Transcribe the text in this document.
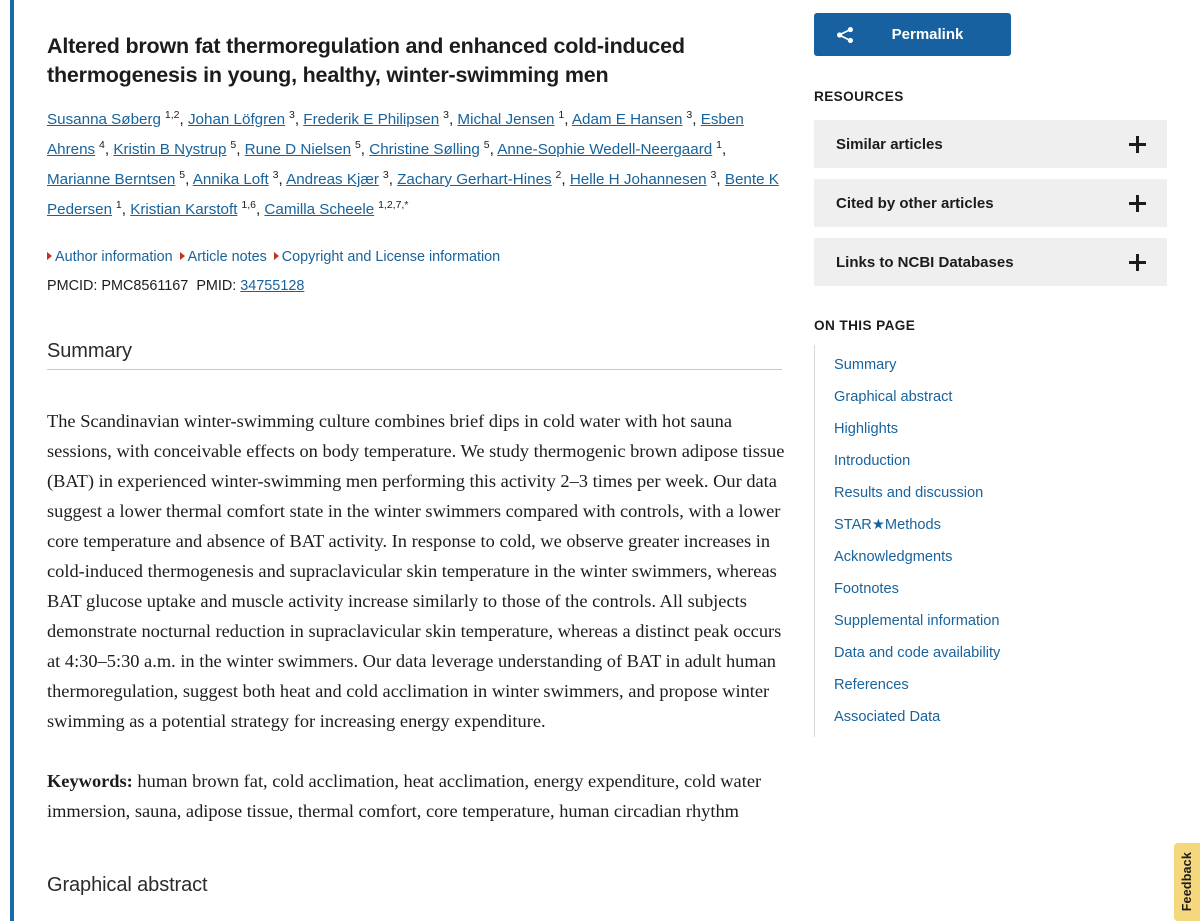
Altered brown fat thermoregulation and enhanced cold-induced thermogenesis in young, healthy, winter-swimming men
Susanna Søberg $^{1,2}$, Johan Löfgren $^3$, Frederik E Philipsen $^3$, Michal Jensen $^1$, Adam E Hansen $^3$, Esben Ahrens $^4$, Kristin B Nystrup $^5$, Rune D Nielsen $^5$, Christine Sølling $^5$, Anne-Sophie Wedell-Neergaard $^1$, Marianne Berntsen $^5$, Annika Loft $^3$, Andreas Kjær $^3$, Zachary Gerhart-Hines $^2$, Helle H Johannesen $^3$, Bente K Pedersen $^1$, Kristian Karstoft $^{1,6}$, Camilla Scheele $^{1,2,7,*}$
Author information Article notes Copyright and License information
PMCID: PMC8561167 PMID: 34755128
Summary

The Scandinavian winter-swimming culture combines brief dips in cold water with hot sauna sessions, with conceivable effects on body temperature. We study thermogenic brown adipose tissue (BAT) in experienced winter-swimming men performing this activity 2–3 times per week. Our data suggest a lower thermal comfort state in the winter swimmers compared with controls, with a lower core temperature and absence of BAT activity. In response to cold, we observe greater increases in cold-induced thermogenesis and supraclavicular skin temperature in the winter swimmers, whereas BAT glucose uptake and muscle activity increase similarly to those of the controls. All subjects demonstrate nocturnal reduction in supraclavicular skin temperature, whereas a distinct peak occurs at 4:30–5:30 a.m. in the winter swimmers. Our data leverage understanding of BAT in adult human thermoregulation, suggest both heat and cold acclimation in winter swimmers, and propose winter swimming as a potential strategy for increasing energy expenditure.

Keywords: human brown fat, cold acclimation, heat acclimation, energy expenditure, cold water immersion, sauna, adipose tissue, thermal comfort, core temperature, human circadian rhythm

Graphical abstract
Permalink
RESOURCES
Similar articles
Cited by other articles
Links to NCBI Databases
ON THIS PAGE
Summary
Graphical abstract
Highlights
Introduction
Results and discussion
STAR★Methods
Acknowledgments
Footnotes
Supplemental information
Data and code availability
References
Associated Data
Feedback
